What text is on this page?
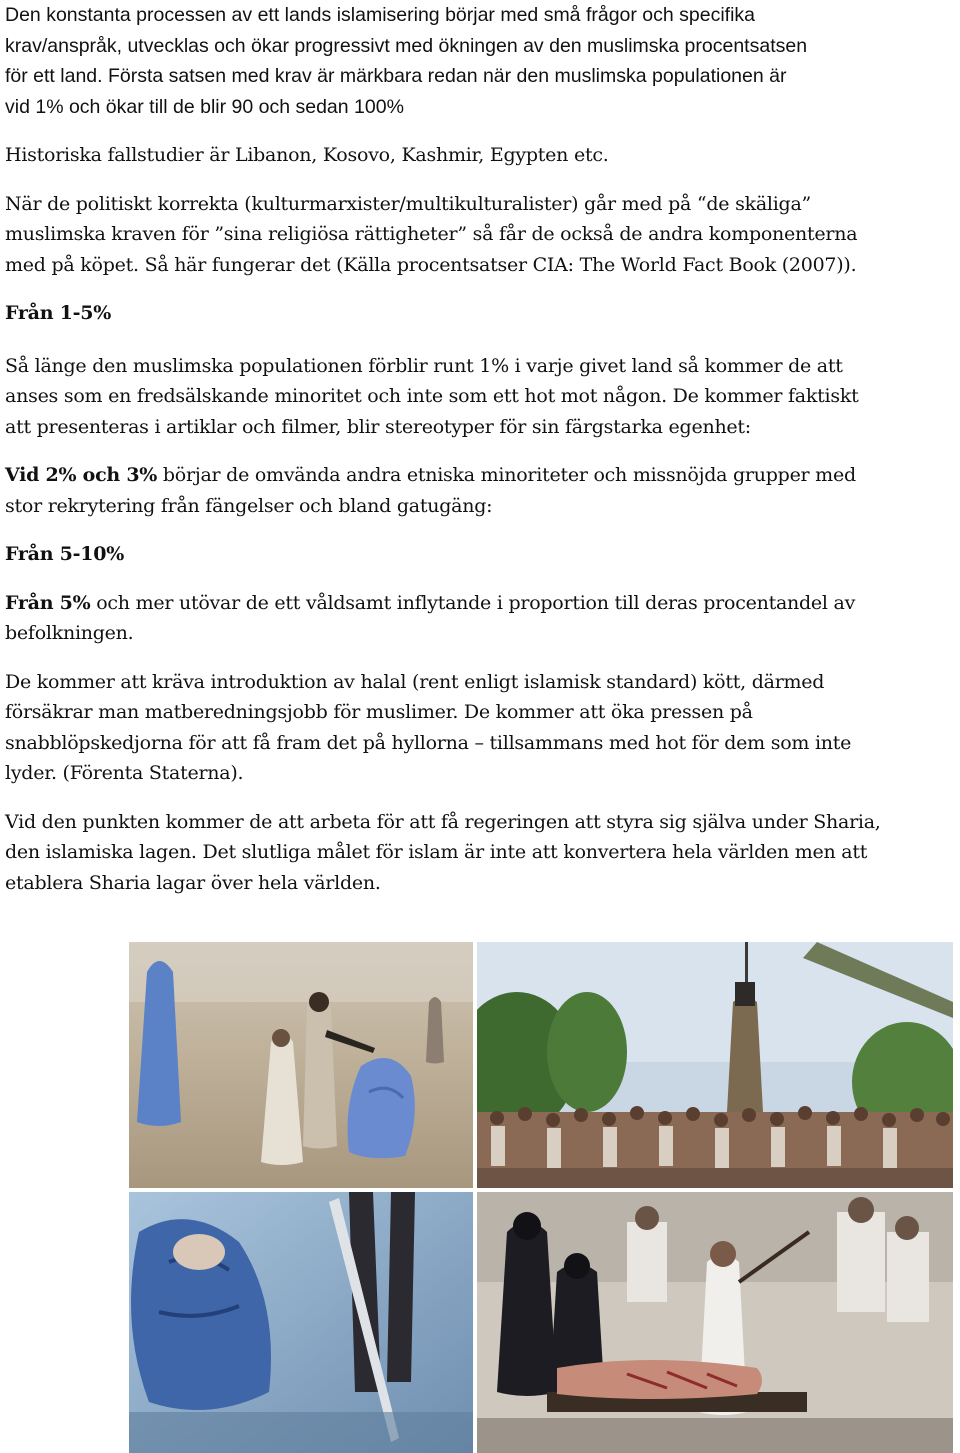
Den konstanta processen av ett lands islamisering börjar med små frågor och specifika
krav/anspråk, utvecklas och ökar progressivt med ökningen av den muslimska procentsatsen
för ett land. Första satsen med krav är märkbara redan när den muslimska populationen är
vid 1% och ökar till de blir 90 och sedan 100%
Historiska fallstudier är Libanon, Kosovo, Kashmir, Egypten etc.
När de politiskt korrekta (kulturmarxister/multikulturalister) går med på “de skäliga”
muslimska kraven för ”sina religiösa rättigheter” så får de också de andra komponenterna
med på köpet. Så här fungerar det (Källa procentsatser CIA: The World Fact Book (2007)).
Från 1-5%
Så länge den muslimska populationen förblir runt 1% i varje givet land så kommer de att
anses som en fredsälskande minoritet och inte som ett hot mot någon. De kommer faktiskt
att presenteras i artiklar och filmer, blir stereotyper för sin färgstarka egenhet:
Vid 2% och 3% börjar de omvända andra etniska minoriteter och missnöjda grupper med
stor rekrytering från fängelser och bland gatugäng:
Från 5-10%
Från 5% och mer utövar de ett våldsamt inflytande i proportion till deras procentandel av
befolkningen.
De kommer att kräva introduktion av halal (rent enligt islamisk standard) kött, därmed
försäkrar man matberedningsjobb för muslimer. De kommer att öka pressen på
snabblöpskedjorna för att få fram det på hyllorna – tillsammans med hot för dem som inte
lyder. (Förenta Staterna).
Vid den punkten kommer de att arbeta för att få regeringen att styra sig själva under Sharia,
den islamiska lagen. Det slutliga målet för islam är inte att konvertera hela världen men att
etablera Sharia lagar över hela världen.
